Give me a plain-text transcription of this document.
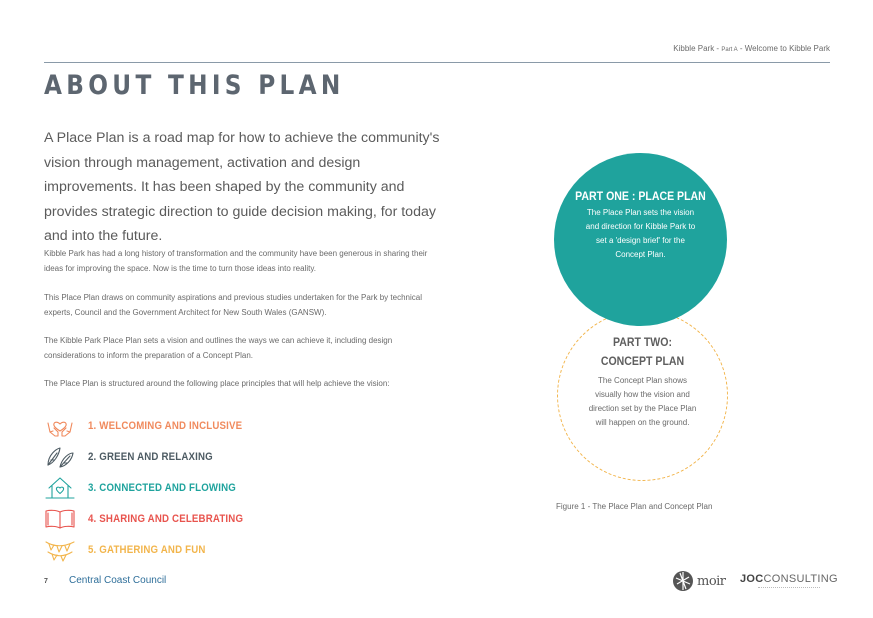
Kibble Park - Part A - Welcome to Kibble Park
ABOUT THIS PLAN

A Place Plan is a road map for how to achieve the community's vision through management, activation and design improvements. It has been shaped by the community and provides strategic direction to guide decision making, for today and into the future.

Kibble Park has had a long history of transformation and the community have been generous in sharing their ideas for improving the space. Now is the time to turn those ideas into reality.

This Place Plan draws on community aspirations and previous studies undertaken for the Park by technical experts, Council and the Government Architect for New South Wales (GANSW).

The Kibble Park Place Plan sets a vision and outlines the ways we can achieve it, including design considerations to inform the preparation of a Concept Plan.

The Place Plan is structured around the following place principles that will help achieve the vision:

1. WELCOMING AND INCLUSIVE
2. GREEN AND RELAXING
3. CONNECTED AND FLOWING
4. SHARING AND CELEBRATING
5. GATHERING AND FUN
PART TWO:
CONCEPT PLAN
The Concept Plan shows visually how the vision and direction set by the Place Plan will happen on the ground.
PART ONE : PLACE PLAN
The Place Plan sets the vision and direction for Kibble Park to set a 'design brief' for the Concept Plan.
Figure 1 - The Place Plan and Concept Plan
7 Central Coast Council	moir JOCCONSULTING
